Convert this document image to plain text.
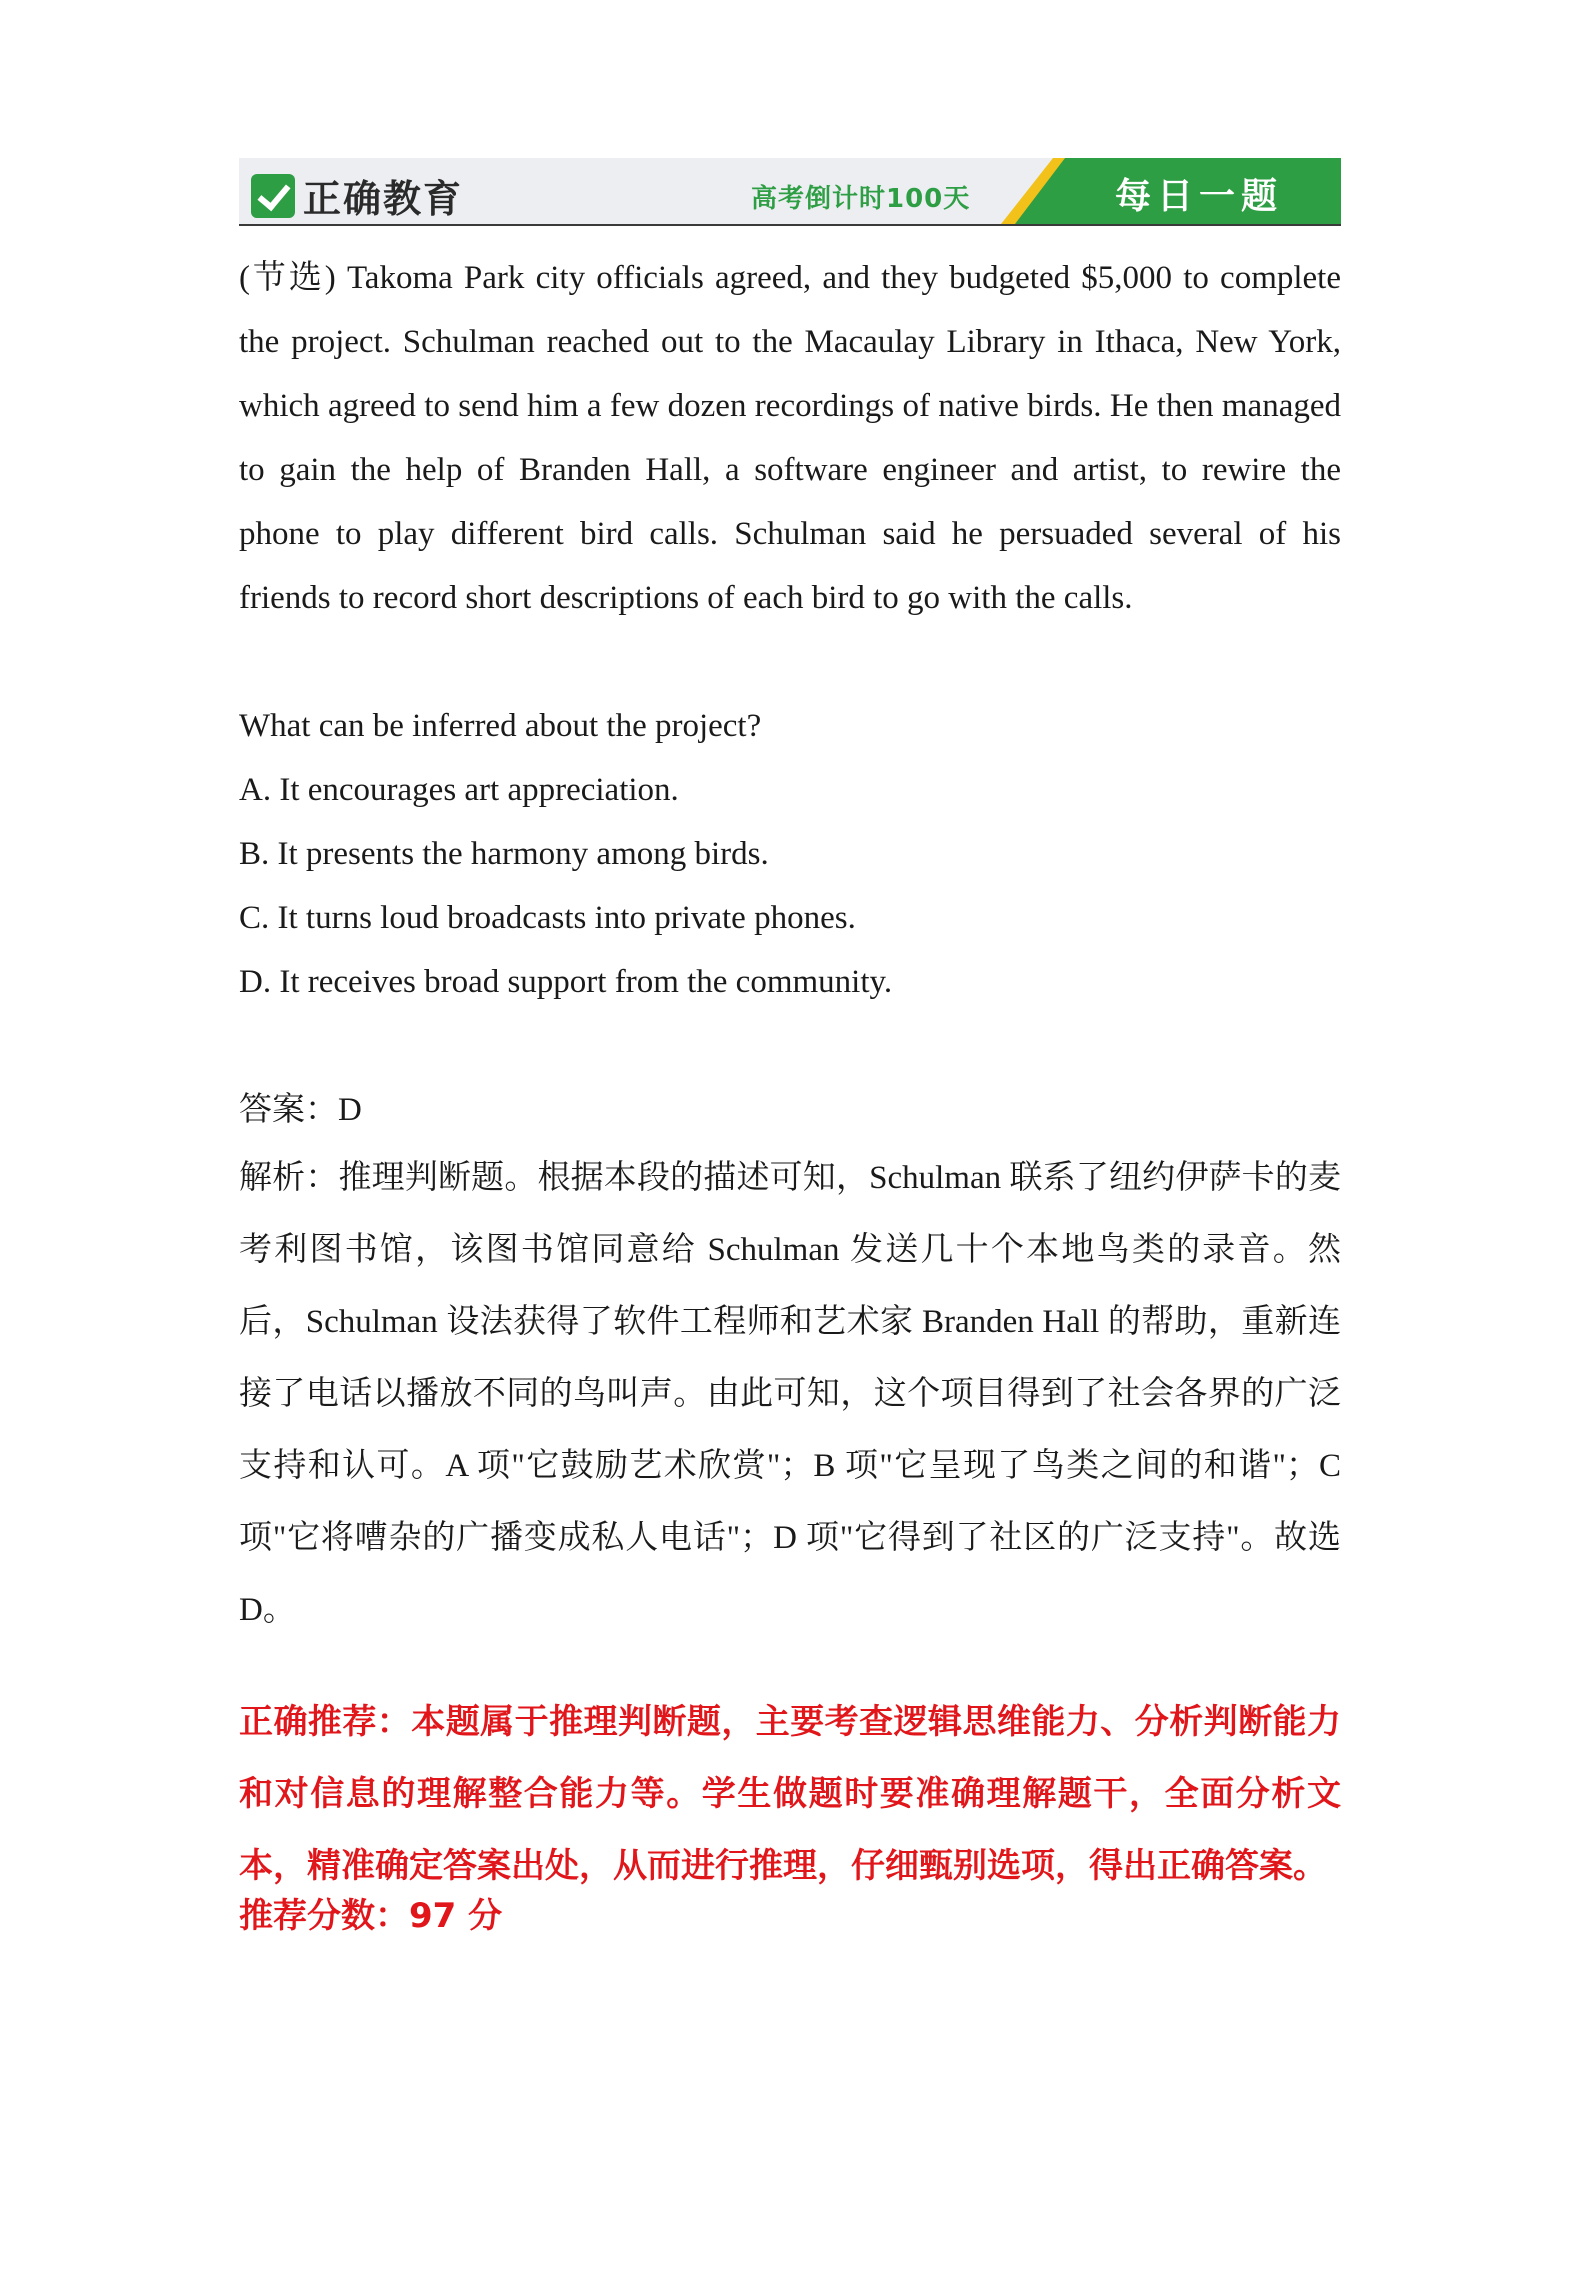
正确教育	高考倒计时100天	每日一题
(节选) Takoma Park city officials agreed, and they budgeted $5,000 to complete the project. Schulman reached out to the Macaulay Library in Ithaca, New York, which agreed to send him a few dozen recordings of native birds. He then managed to gain the help of Branden Hall, a software engineer and artist, to rewire the phone to play different bird calls. Schulman said he persuaded several of his friends to record short descriptions of each bird to go with the calls.
What can be inferred about the project?
A. It encourages art appreciation.
B. It presents the harmony among birds.
C. It turns loud broadcasts into private phones.
D. It receives broad support from the community.
答案：D
解析：推理判断题。根据本段的描述可知，Schulman 联系了纽约伊萨卡的麦考利图书馆，该图书馆同意给 Schulman 发送几十个本地鸟类的录音。然后，Schulman 设法获得了软件工程师和艺术家 Branden Hall 的帮助，重新连接了电话以播放不同的鸟叫声。由此可知，这个项目得到了社会各界的广泛支持和认可。A 项"它鼓励艺术欣赏"；B 项"它呈现了鸟类之间的和谐"；C 项"它将嘈杂的广播变成私人电话"；D 项"它得到了社区的广泛支持"。故选 D。
正确推荐：本题属于推理判断题，主要考查逻辑思维能力、分析判断能力和对信息的理解整合能力等。学生做题时要准确理解题干，全面分析文本，精准确定答案出处，从而进行推理，仔细甄别选项，得出正确答案。
推荐分数：97 分
